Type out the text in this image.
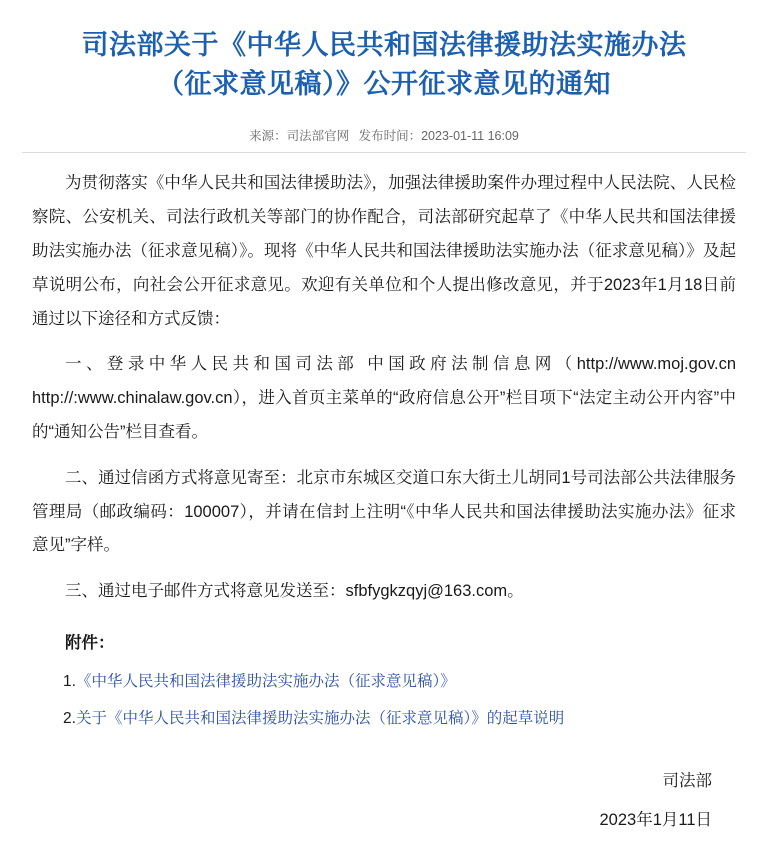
司法部关于《中华人民共和国法律援助法实施办法
（征求意见稿）》公开征求意见的通知
来源：司法部官网 发布时间：2023-01-11 16:09

为贯彻落实《中华人民共和国法律援助法》，加强法律援助案件办理过程中人民法院、人民检察院、公安机关、司法行政机关等部门的协作配合，司法部研究起草了《中华人民共和国法律援助法实施办法（征求意见稿）》。现将《中华人民共和国法律援助法实施办法（征求意见稿）》及起草说明公布，向社会公开征求意见。欢迎有关单位和个人提出修改意见，并于2023年1月18日前通过以下途径和方式反馈：

一、登录中华人民共和国司法部 中国政府法制信息网（http://www.moj.gov.cn http://:www.chinalaw.gov.cn），进入首页主菜单的“政府信息公开”栏目项下“法定主动公开内容”中的“通知公告”栏目查看。

二、通过信函方式将意见寄至：北京市东城区交道口东大街土儿胡同1号司法部公共法律服务管理局（邮政编码：100007），并请在信封上注明“《中华人民共和国法律援助法实施办法》征求意见”字样。

三、通过电子邮件方式将意见发送至：sfbfygkzqyj@163.com。

附件：
1.《中华人民共和国法律援助法实施办法（征求意见稿）》
2.关于《中华人民共和国法律援助法实施办法（征求意见稿）》的起草说明
司法部
2023年1月11日
